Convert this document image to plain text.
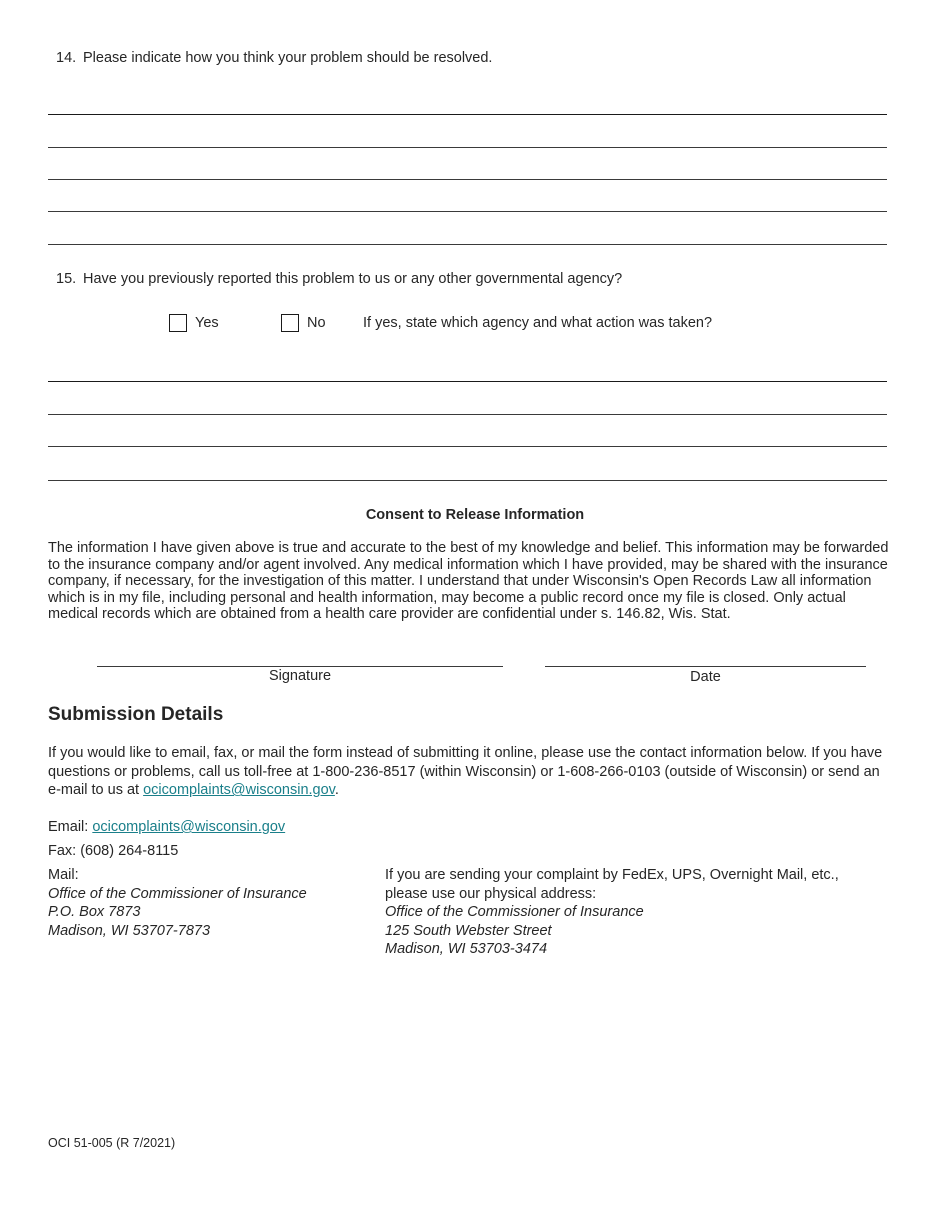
14. Please indicate how you think your problem should be resolved.
15. Have you previously reported this problem to us or any other governmental agency?
Yes	No	If yes, state which agency and what action was taken?
Consent to Release Information
The information I have given above is true and accurate to the best of my knowledge and belief. This information may be forwarded to the insurance company and/or agent involved. Any medical information which I have provided, may be shared with the insurance company, if necessary, for the investigation of this matter. I understand that under Wisconsin's Open Records Law all information which is in my file, including personal and health information, may become a public record once my file is closed. Only actual medical records which are obtained from a health care provider are confidential under s. 146.82, Wis. Stat.
Signature	Date
Submission Details
If you would like to email, fax, or mail the form instead of submitting it online, please use the contact information below. If you have questions or problems, call us toll-free at 1-800-236-8517 (within Wisconsin) or 1-608-266-0103 (outside of Wisconsin) or send an e-mail to us at ocicomplaints@wisconsin.gov.
Email: ocicomplaints@wisconsin.gov
Fax: (608) 264-8115
Mail:
Office of the Commissioner of Insurance
P.O. Box 7873
Madison, WI 53707-7873
If you are sending your complaint by FedEx, UPS, Overnight Mail, etc., please use our physical address:
Office of the Commissioner of Insurance
125 South Webster Street
Madison, WI 53703-3474
OCI 51-005 (R 7/2021)
